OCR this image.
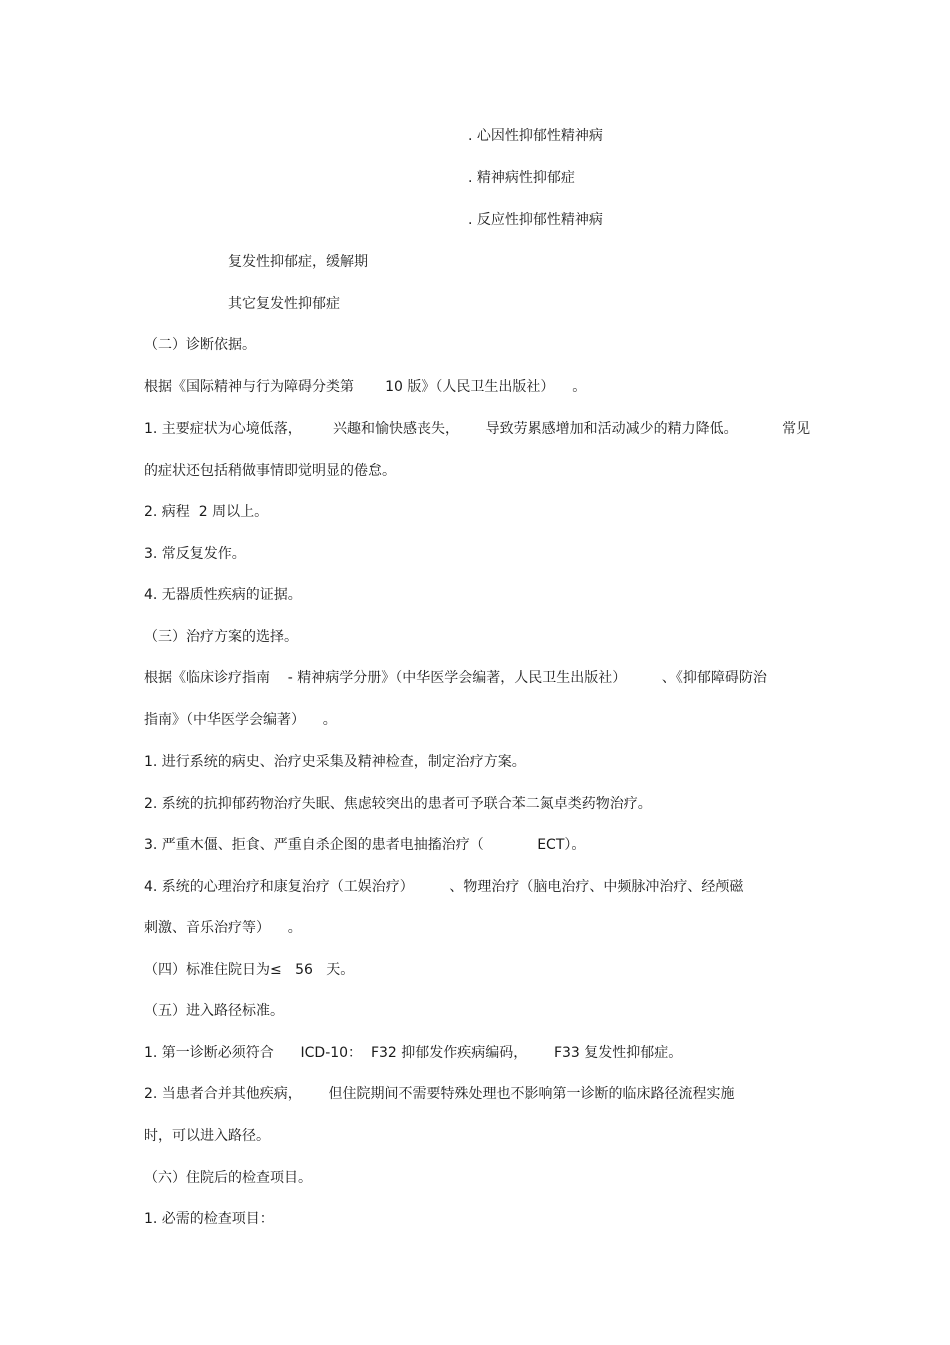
. 心因性抑郁性精神病
. 精神病性抑郁症
. 反应性抑郁性精神病
复发性抑郁症，缓解期
其它复发性抑郁症
（二）诊断依据。
根据《国际精神与行为障碍分类第       10 版》（人民卫生出版社）    。
1. 主要症状为心境低落，       兴趣和愉快感丧失，      导致劳累感增加和活动减少的精力降低。          常见
的症状还包括稍做事情即觉明显的倦怠。
2. 病程  2 周以上。
3. 常反复发作。
4. 无器质性疾病的证据。
（三）治疗方案的选择。
根据《临床诊疗指南    - 精神病学分册》（中华医学会编著，人民卫生出版社）        、《抑郁障碍防治
指南》（中华医学会编著）    。
1. 进行系统的病史、治疗史采集及精神检查，制定治疗方案。
2. 系统的抗抑郁药物治疗失眠、焦虑较突出的患者可予联合苯二氮卓类药物治疗。
3. 严重木僵、拒食、严重自杀企图的患者电抽搐治疗（            ECT）。
4. 系统的心理治疗和康复治疗（工娱治疗）        、物理治疗（脑电治疗、中频脉冲治疗、经颅磁
刺激、音乐治疗等）    。
（四）标准住院日为≤   56   天。
（五）进入路径标准。
1. 第一诊断必须符合      ICD-10：  F32 抑郁发作疾病编码，      F33 复发性抑郁症。
2. 当患者合并其他疾病，      但住院期间不需要特殊处理也不影响第一诊断的临床路径流程实施
时，可以进入路径。
（六）住院后的检查项目。
1. 必需的检查项目：
